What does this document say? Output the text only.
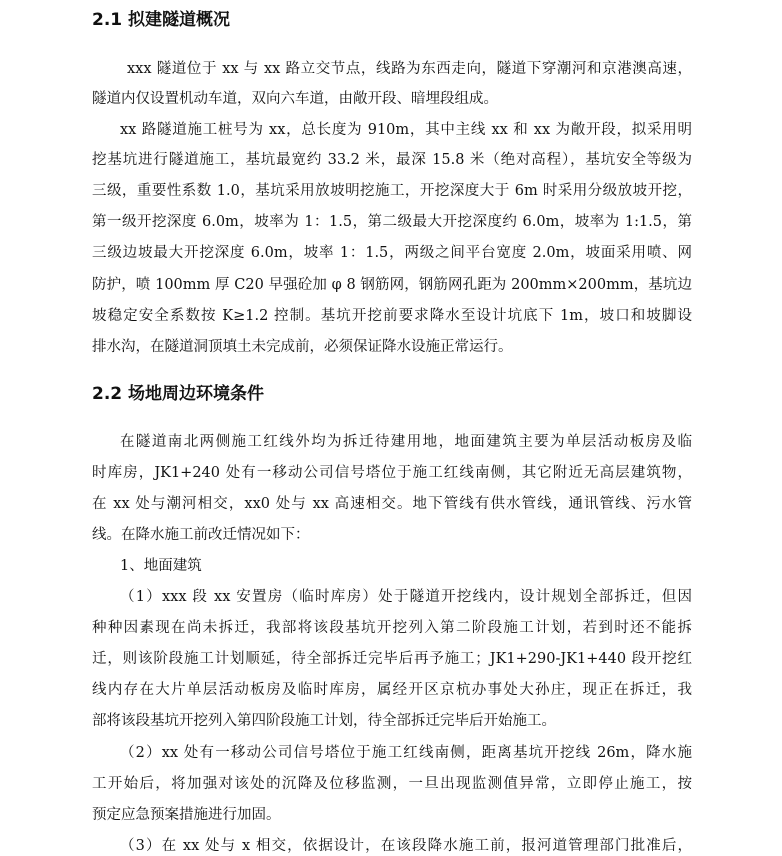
2.1 拟建隧道概况

xxx 隧道位于 xx 与 xx 路立交节点，线路为东西走向，隧道下穿潮河和京港澳高速，

隧道内仅设置机动车道，双向六车道，由敞开段、暗埋段组成。

xx 路隧道施工桩号为 xx，总长度为 910m，其中主线 xx 和 xx 为敞开段，拟采用明

挖基坑进行隧道施工，基坑最宽约 33.2 米，最深 15.8 米（绝对高程），基坑安全等级为

三级，重要性系数 1.0，基坑采用放坡明挖施工，开挖深度大于 6m 时采用分级放坡开挖，

第一级开挖深度 6.0m，坡率为 1：1.5，第二级最大开挖深度约 6.0m，坡率为 1:1.5，第

三级边坡最大开挖深度 6.0m，坡率 1：1.5，两级之间平台宽度 2.0m，坡面采用喷、网

防护，喷 100mm 厚 C20 早强砼加 φ 8 钢筋网，钢筋网孔距为 200mm×200mm，基坑边

坡稳定安全系数按 K≥1.2 控制。基坑开挖前要求降水至设计坑底下 1m，坡口和坡脚设

排水沟，在隧道洞顶填土未完成前，必须保证降水设施正常运行。

2.2 场地周边环境条件

在隧道南北两侧施工红线外均为拆迁待建用地，地面建筑主要为单层活动板房及临

时库房，JK1+240 处有一移动公司信号塔位于施工红线南侧，其它附近无高层建筑物，

在 xx 处与潮河相交，xx0 处与 xx 高速相交。地下管线有供水管线，通讯管线、污水管

线。在降水施工前改迁情况如下：

1、地面建筑

（1）xxx 段 xx 安置房（临时库房）处于隧道开挖线内，设计规划全部拆迁，但因

种种因素现在尚未拆迁，我部将该段基坑开挖列入第二阶段施工计划，若到时还不能拆

迁，则该阶段施工计划顺延，待全部拆迁完毕后再予施工；JK1+290-JK1+440 段开挖红

线内存在大片单层活动板房及临时库房，属经开区京杭办事处大孙庄，现正在拆迁，我

部将该段基坑开挖列入第四阶段施工计划，待全部拆迁完毕后开始施工。

（2）xx 处有一移动公司信号塔位于施工红线南侧，距离基坑开挖线 26m，降水施

工开始后，将加强对该处的沉降及位移监测，一旦出现监测值异常，立即停止施工，按

预定应急预案措施进行加固。

（3）在 xx 处与 x 相交，依据设计，在该段降水施工前，报河道管理部门批准后，
